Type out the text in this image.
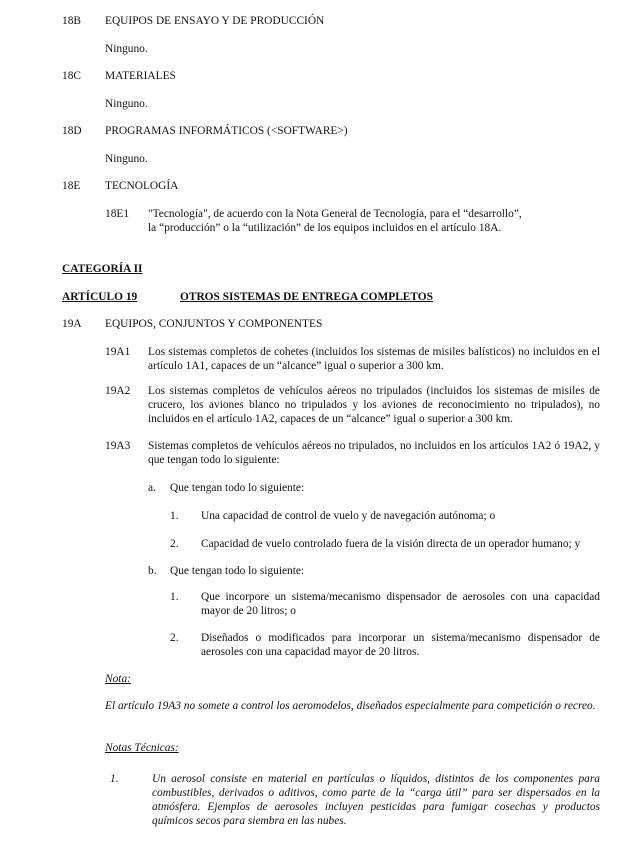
18B EQUIPOS DE ENSAYO Y DE PRODUCCIÓN
Ninguno.
18C MATERIALES
Ninguno.
18D PROGRAMAS INFORMÁTICOS (<SOFTWARE>)
Ninguno.
18E TECNOLOGÍA
18E1 "Tecnología", de acuerdo con la Nota General de Tecnología, para el “desarrollo”,
la “producción” o la “utilización” de los equipos incluidos en el artículo 18A.
CATEGORÍA II
ARTÍCULO 19	OTROS SISTEMAS DE ENTREGA COMPLETOS
19A EQUIPOS, CONJUNTOS Y COMPONENTES
19A1 Los sistemas completos de cohetes (incluidos los sistemas de misiles balísticos) no incluidos en el artículo 1A1, capaces de un “alcance” igual o superior a 300 km.
19A2 Los sistemas completos de vehículos aéreos no tripulados (incluidos los sistemas de misiles de crucero, los aviones blanco no tripulados y los aviones de reconocimiento no tripulados), no incluidos en el artículo 1A2, capaces de un “alcance” igual o superior a 300 km.
19A3 Sistemas completos de vehículos aéreos no tripulados, no incluidos en los artículos 1A2 ó 19A2, y que tengan todo lo siguiente:
a. Que tengan todo lo siguiente:
1. Una capacidad de control de vuelo y de navegación autónoma; o
2. Capacidad de vuelo controlado fuera de la visión directa de un operador humano; y
b. Que tengan todo lo siguiente:
1. Que incorpore un sistema/mecanismo dispensador de aerosoles con una capacidad mayor de 20 litros; o
2. Diseñados o modificados para incorporar un sistema/mecanismo dispensador de aerosoles con una capacidad mayor de 20 litros.
Nota:
El artículo 19A3 no somete a control los aeromodelos, diseñados especialmente para competición o recreo.
Notas Técnicas:
1.	Un aerosol consiste en material en partículas o líquidos, distintos de los componentes para combustibles, derivados o aditivos, como parte de la “carga útil” para ser dispersados en la atmósfera. Ejemplos de aerosoles incluyen pesticidas para fumigar cosechas y productos químicos secos para siembra en las nubes.
